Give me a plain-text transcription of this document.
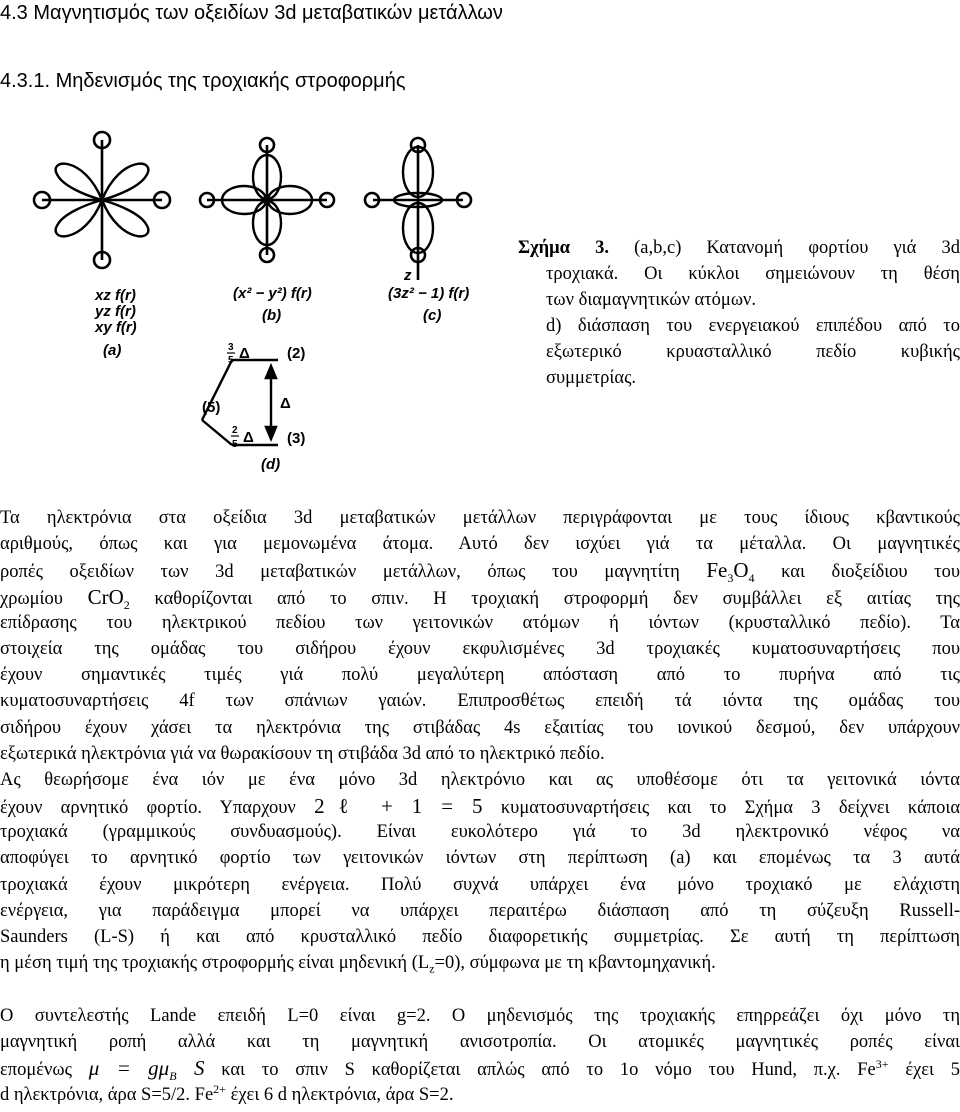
4.3 Μαγνητισμός των οξειδίων 3d μεταβατικών μετάλλων
4.3.1. Μηδενισμός της τροχιακής στροφορμής
xz f(r)
yz f(r)
xy f(r)
(a)
(x² − y²) f(r)
(b)
z
(3z² − 1) f(r)
(c)
3
5 Δ (2)
(5)	Δ
2
5 Δ (3)
(d)
Σχήμα 3. (a,b,c) Κατανομή φορτίου γιά 3d
τροχιακά. Οι κύκλοι σημειώνουν τη θέση
των διαμαγνητικών ατόμων.
d) διάσπαση του ενεργειακού επιπέδου από το
εξωτερικό κρυασταλλικό πεδίο κυβικής
συμμετρίας.
Τα ηλεκτρόνια στα οξείδια 3d μεταβατικών μετάλλων περιγράφονται με τους ίδιους κβαντικούς
αριθμούς, όπως και για μεμονωμένα άτομα. Αυτό δεν ισχύει γιά τα μέταλλα. Οι μαγνητικές
ροπές οξειδίων των 3d μεταβατικών μετάλλων, όπως του μαγνητίτη $Fe_3O_4$ και διοξείδιου του
χρωμίου CrO$_2$ καθορίζονται από το σπιν. Η τροχιακή στροφορμή δεν συμβάλλει εξ αιτίας της
επίδρασης του ηλεκτρικού πεδίου των γειτονικών ατόμων ή ιόντων (κρυσταλλικό πεδίο). Τα
στοιχεία της ομάδας του σιδήρου έχουν εκφυλισμένες 3d τροχιακές κυματοσυναρτήσεις που
έχουν σημαντικές τιμές γιά πολύ μεγαλύτερη απόσταση από το πυρήνα από τις
κυματοσυναρτήσεις 4f των σπάνιων γαιών. Επιπροσθέτως επειδή τά ιόντα της ομάδας του
σιδήρου έχουν χάσει τα ηλεκτρόνια της στιβάδας 4s εξαιτίας του ιονικού δεσμού, δεν υπάρχουν
εξωτερικά ηλεκτρόνια γιά να θωρακίσουν τη στιβάδα 3d από το ηλεκτρικό πεδίο.
Ας θεωρήσομε ένα ιόν με ένα μόνο 3d ηλεκτρόνιο και ας υποθέσομε ότι τα γειτονικά ιόντα
έχουν αρνητικό φορτίο. Υπαρχουν 2ℓ + 1 = 5 κυματοσυναρτήσεις και το Σχήμα 3 δείχνει κάποια
τροχιακά (γραμμικούς συνδυασμούς). Είναι ευκολότερο γιά το 3d ηλεκτρονικό νέφος να
αποφύγει το αρνητικό φορτίο των γειτονικών ιόντων στη περίπτωση (a) και επομένως τα 3 αυτά
τροχιακά έχουν μικρότερη ενέργεια. Πολύ συχνά υπάρχει ένα μόνο τροχιακό με ελάχιστη
ενέργεια, για παράδειγμα μπορεί να υπάρχει περαιτέρω διάσπαση από τη σύζευξη Russell-
Saunders (L-S) ή και από κρυσταλλικό πεδίο διαφορετικής συμμετρίας. Σε αυτή τη περίπτωση
η μέση τιμή της τροχιακής στροφορμής είναι μηδενική $(L_z=0)$, σύμφωνα με τη κβαντομηχανική.
Ο συντελεστής Lande επειδή L=0 είναι g=2. Ο μηδενισμός της τροχιακής επηρρεάζει όχι μόνο τη
μαγνητική ροπή αλλά και τη μαγνητική ανισοτροπία. Οι ατομικές μαγνητικές ροπές είναι
επομένως $\mu = g\mu_B$ S και το σπιν S καθορίζεται απλώς από το 1ο νόμο του Hund, π.χ. $Fe^{3+}$ έχει 5
d ηλεκτρόνια, άρα S=5/2. $Fe^{2+}$ έχει 6 d ηλεκτρόνια, άρα S=2.
